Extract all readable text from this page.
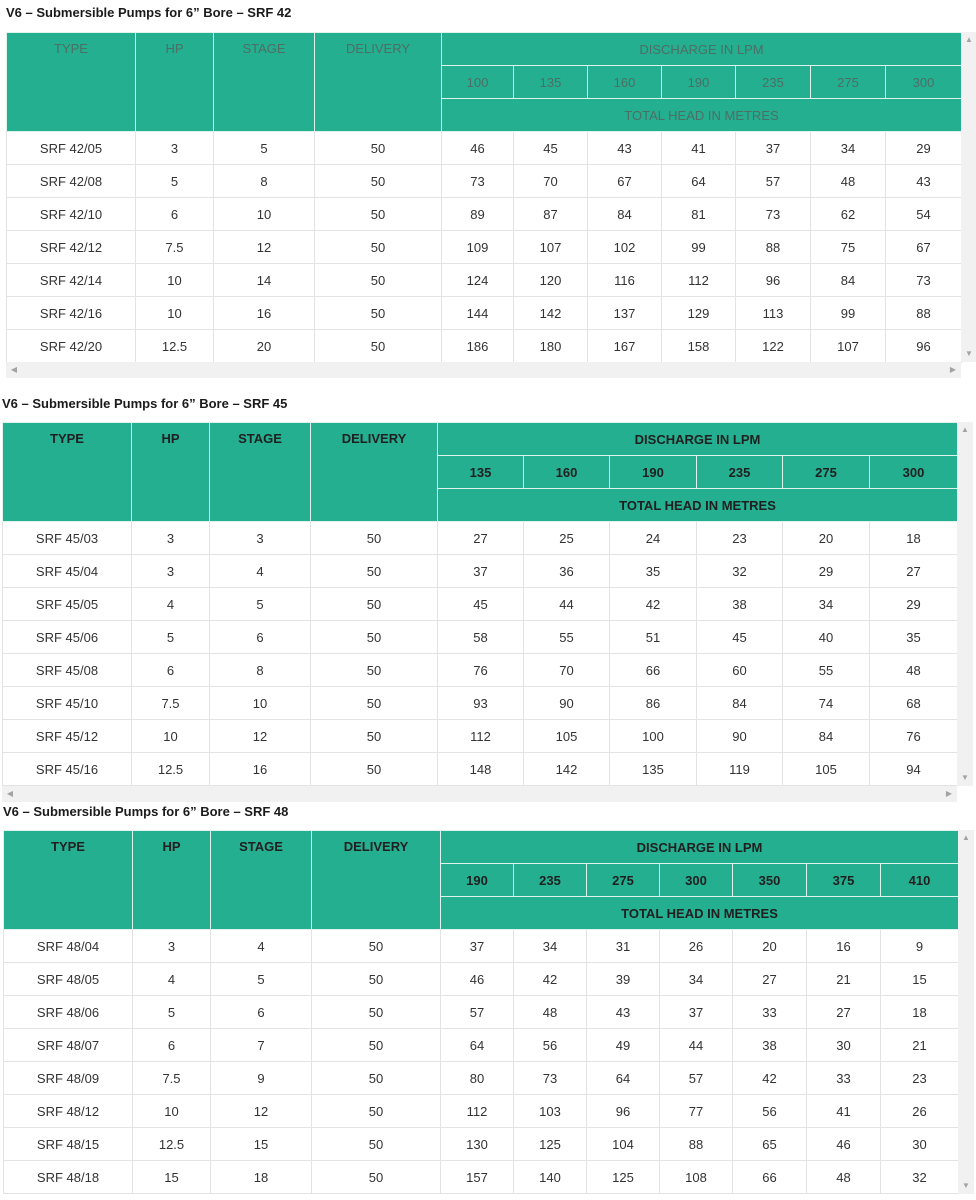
V6 – Submersible Pumps for 6” Bore – SRF 42
TYPE	HP	STAGE	DELIVERY	DISCHARGE IN LPM						
				100	135	160	190	235	275	300
				TOTAL HEAD IN METRES						
SRF 42/05	3	5	50	46	45	43	41	37	34	29
SRF 42/08	5	8	50	73	70	67	64	57	48	43
SRF 42/10	6	10	50	89	87	84	81	73	62	54
SRF 42/12	7.5	12	50	109	107	102	99	88	75	67
SRF 42/14	10	14	50	124	120	116	112	96	84	73
SRF 42/16	10	16	50	144	142	137	129	113	99	88
SRF 42/20	12.5	20	50	186	180	167	158	122	107	96
▲
▼
◀	▶
V6 – Submersible Pumps for 6” Bore – SRF 45
TYPE	HP	STAGE	DELIVERY	DISCHARGE IN LPM					
				135	160	190	235	275	300
				TOTAL HEAD IN METRES					
SRF 45/03	3	3	50	27	25	24	23	20	18
SRF 45/04	3	4	50	37	36	35	32	29	27
SRF 45/05	4	5	50	45	44	42	38	34	29
SRF 45/06	5	6	50	58	55	51	45	40	35
SRF 45/08	6	8	50	76	70	66	60	55	48
SRF 45/10	7.5	10	50	93	90	86	84	74	68
SRF 45/12	10	12	50	112	105	100	90	84	76
SRF 45/16	12.5	16	50	148	142	135	119	105	94
▲
▼
◀	▶
V6 – Submersible Pumps for 6” Bore – SRF 48
TYPE	HP	STAGE	DELIVERY	DISCHARGE IN LPM						
				190	235	275	300	350	375	410
				TOTAL HEAD IN METRES						
SRF 48/04	3	4	50	37	34	31	26	20	16	9
SRF 48/05	4	5	50	46	42	39	34	27	21	15
SRF 48/06	5	6	50	57	48	43	37	33	27	18
SRF 48/07	6	7	50	64	56	49	44	38	30	21
SRF 48/09	7.5	9	50	80	73	64	57	42	33	23
SRF 48/12	10	12	50	112	103	96	77	56	41	26
SRF 48/15	12.5	15	50	130	125	104	88	65	46	30
SRF 48/18	15	18	50	157	140	125	108	66	48	32
▲
▼
